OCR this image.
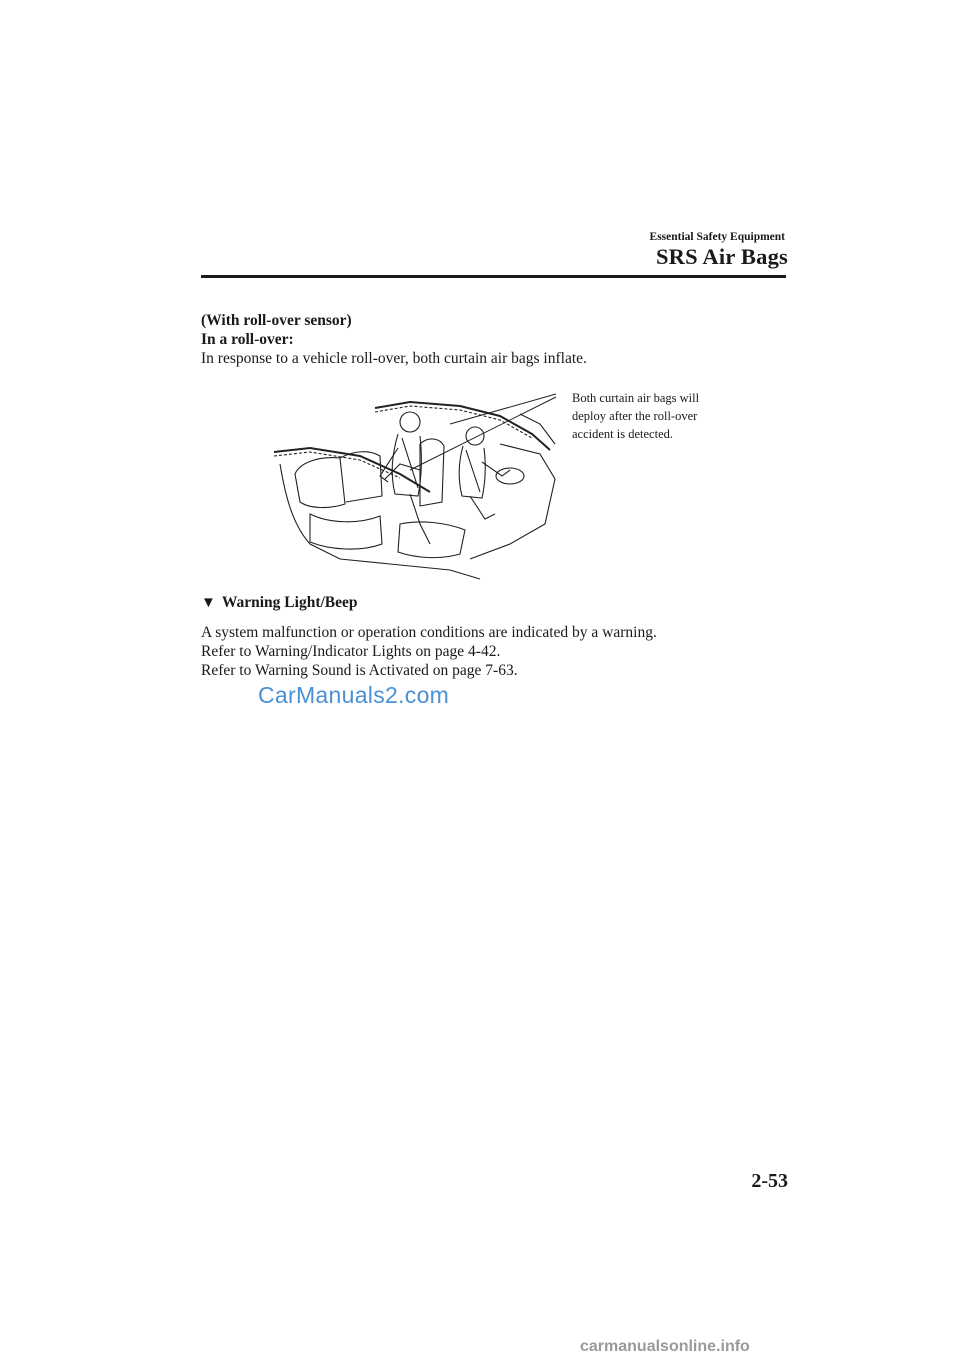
Essential Safety Equipment
SRS Air Bags
(With roll-over sensor)
In a roll-over:
In response to a vehicle roll-over, both curtain air bags inflate.
Both curtain air bags will deploy after the roll-over accident is detected.
▼ Warning Light/Beep
A system malfunction or operation conditions are indicated by a warning.
Refer to Warning/Indicator Lights on page 4-42.
Refer to Warning Sound is Activated on page 7-63.
CarManuals2.com
2-53
carmanualsonline.info
